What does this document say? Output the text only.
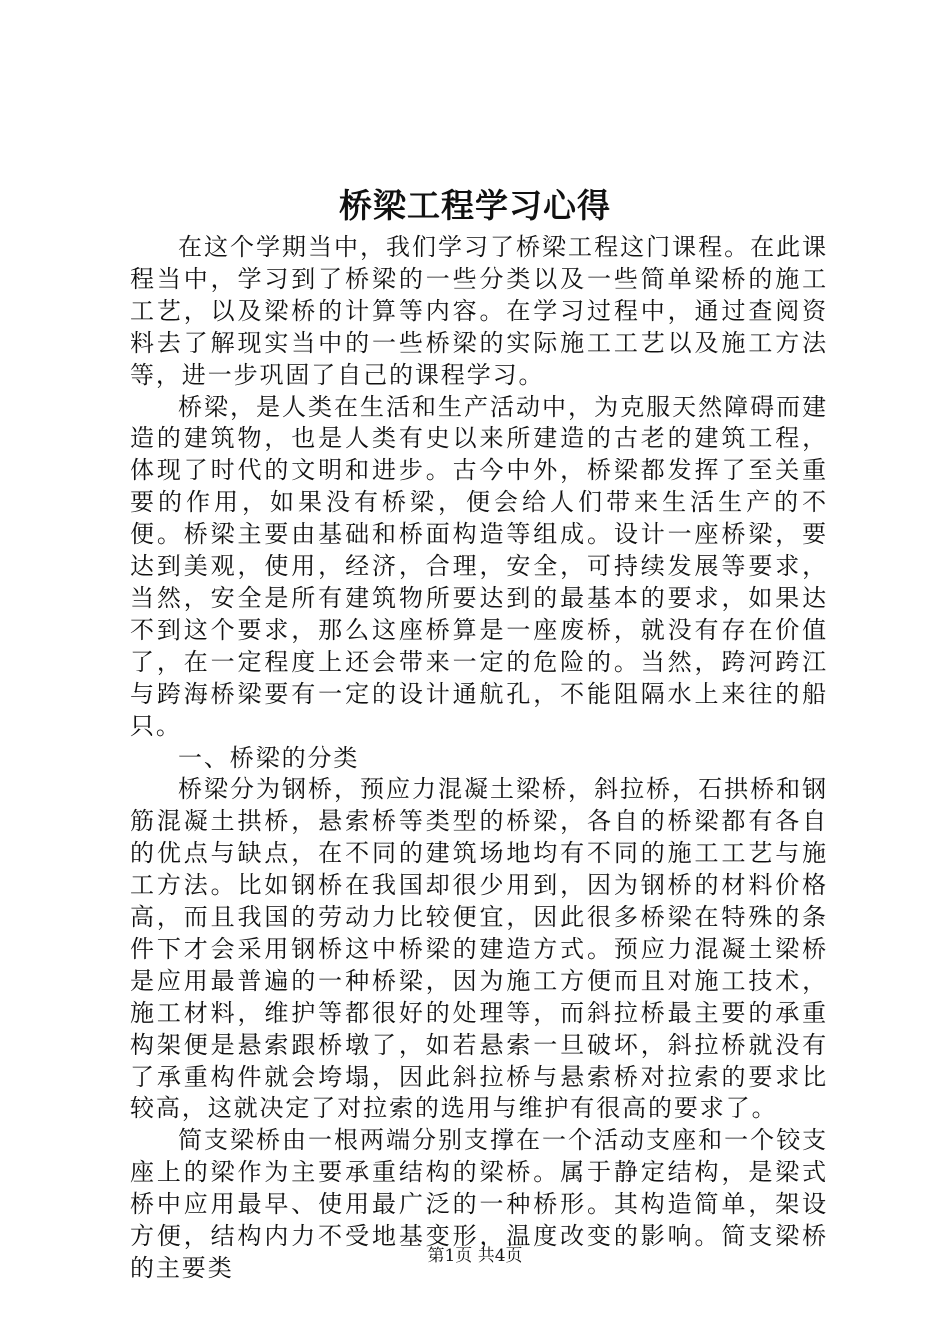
桥梁工程学习心得

在这个学期当中，我们学习了桥梁工程这门课程。在此课程当中，学习到了桥梁的一些分类以及一些简单梁桥的施工工艺，以及梁桥的计算等内容。在学习过程中，通过查阅资料去了解现实当中的一些桥梁的实际施工工艺以及施工方法等，进一步巩固了自己的课程学习。

桥梁，是人类在生活和生产活动中，为克服天然障碍而建造的建筑物，也是人类有史以来所建造的古老的建筑工程，体现了时代的文明和进步。古今中外，桥梁都发挥了至关重要的作用，如果没有桥梁，便会给人们带来生活生产的不便。桥梁主要由基础和桥面构造等组成。设计一座桥梁，要达到美观，使用，经济，合理，安全，可持续发展等要求，当然，安全是所有建筑物所要达到的最基本的要求，如果达不到这个要求，那么这座桥算是一座废桥，就没有存在价值了，在一定程度上还会带来一定的危险的。当然，跨河跨江与跨海桥梁要有一定的设计通航孔，不能阻隔水上来往的船只。

一、桥梁的分类

桥梁分为钢桥，预应力混凝土梁桥，斜拉桥，石拱桥和钢筋混凝土拱桥，悬索桥等类型的桥梁，各自的桥梁都有各自的优点与缺点，在不同的建筑场地均有不同的施工工艺与施工方法。比如钢桥在我国却很少用到，因为钢桥的材料价格高，而且我国的劳动力比较便宜，因此很多桥梁在特殊的条件下才会采用钢桥这中桥梁的建造方式。预应力混凝土梁桥是应用最普遍的一种桥梁，因为施工方便而且对施工技术，施工材料，维护等都很好的处理等，而斜拉桥最主要的承重构架便是悬索跟桥墩了，如若悬索一旦破坏，斜拉桥就没有了承重构件就会垮塌，因此斜拉桥与悬索桥对拉索的要求比较高，这就决定了对拉索的选用与维护有很高的要求了。

简支梁桥由一根两端分别支撑在一个活动支座和一个铰支座上的梁作为主要承重结构的梁桥。属于静定结构，是梁式桥中应用最早、使用最广泛的一种桥形。其构造简单，架设方便，结构内力不受地基变形，温度改变的影响。简支梁桥的主要类	第1页 共4页
